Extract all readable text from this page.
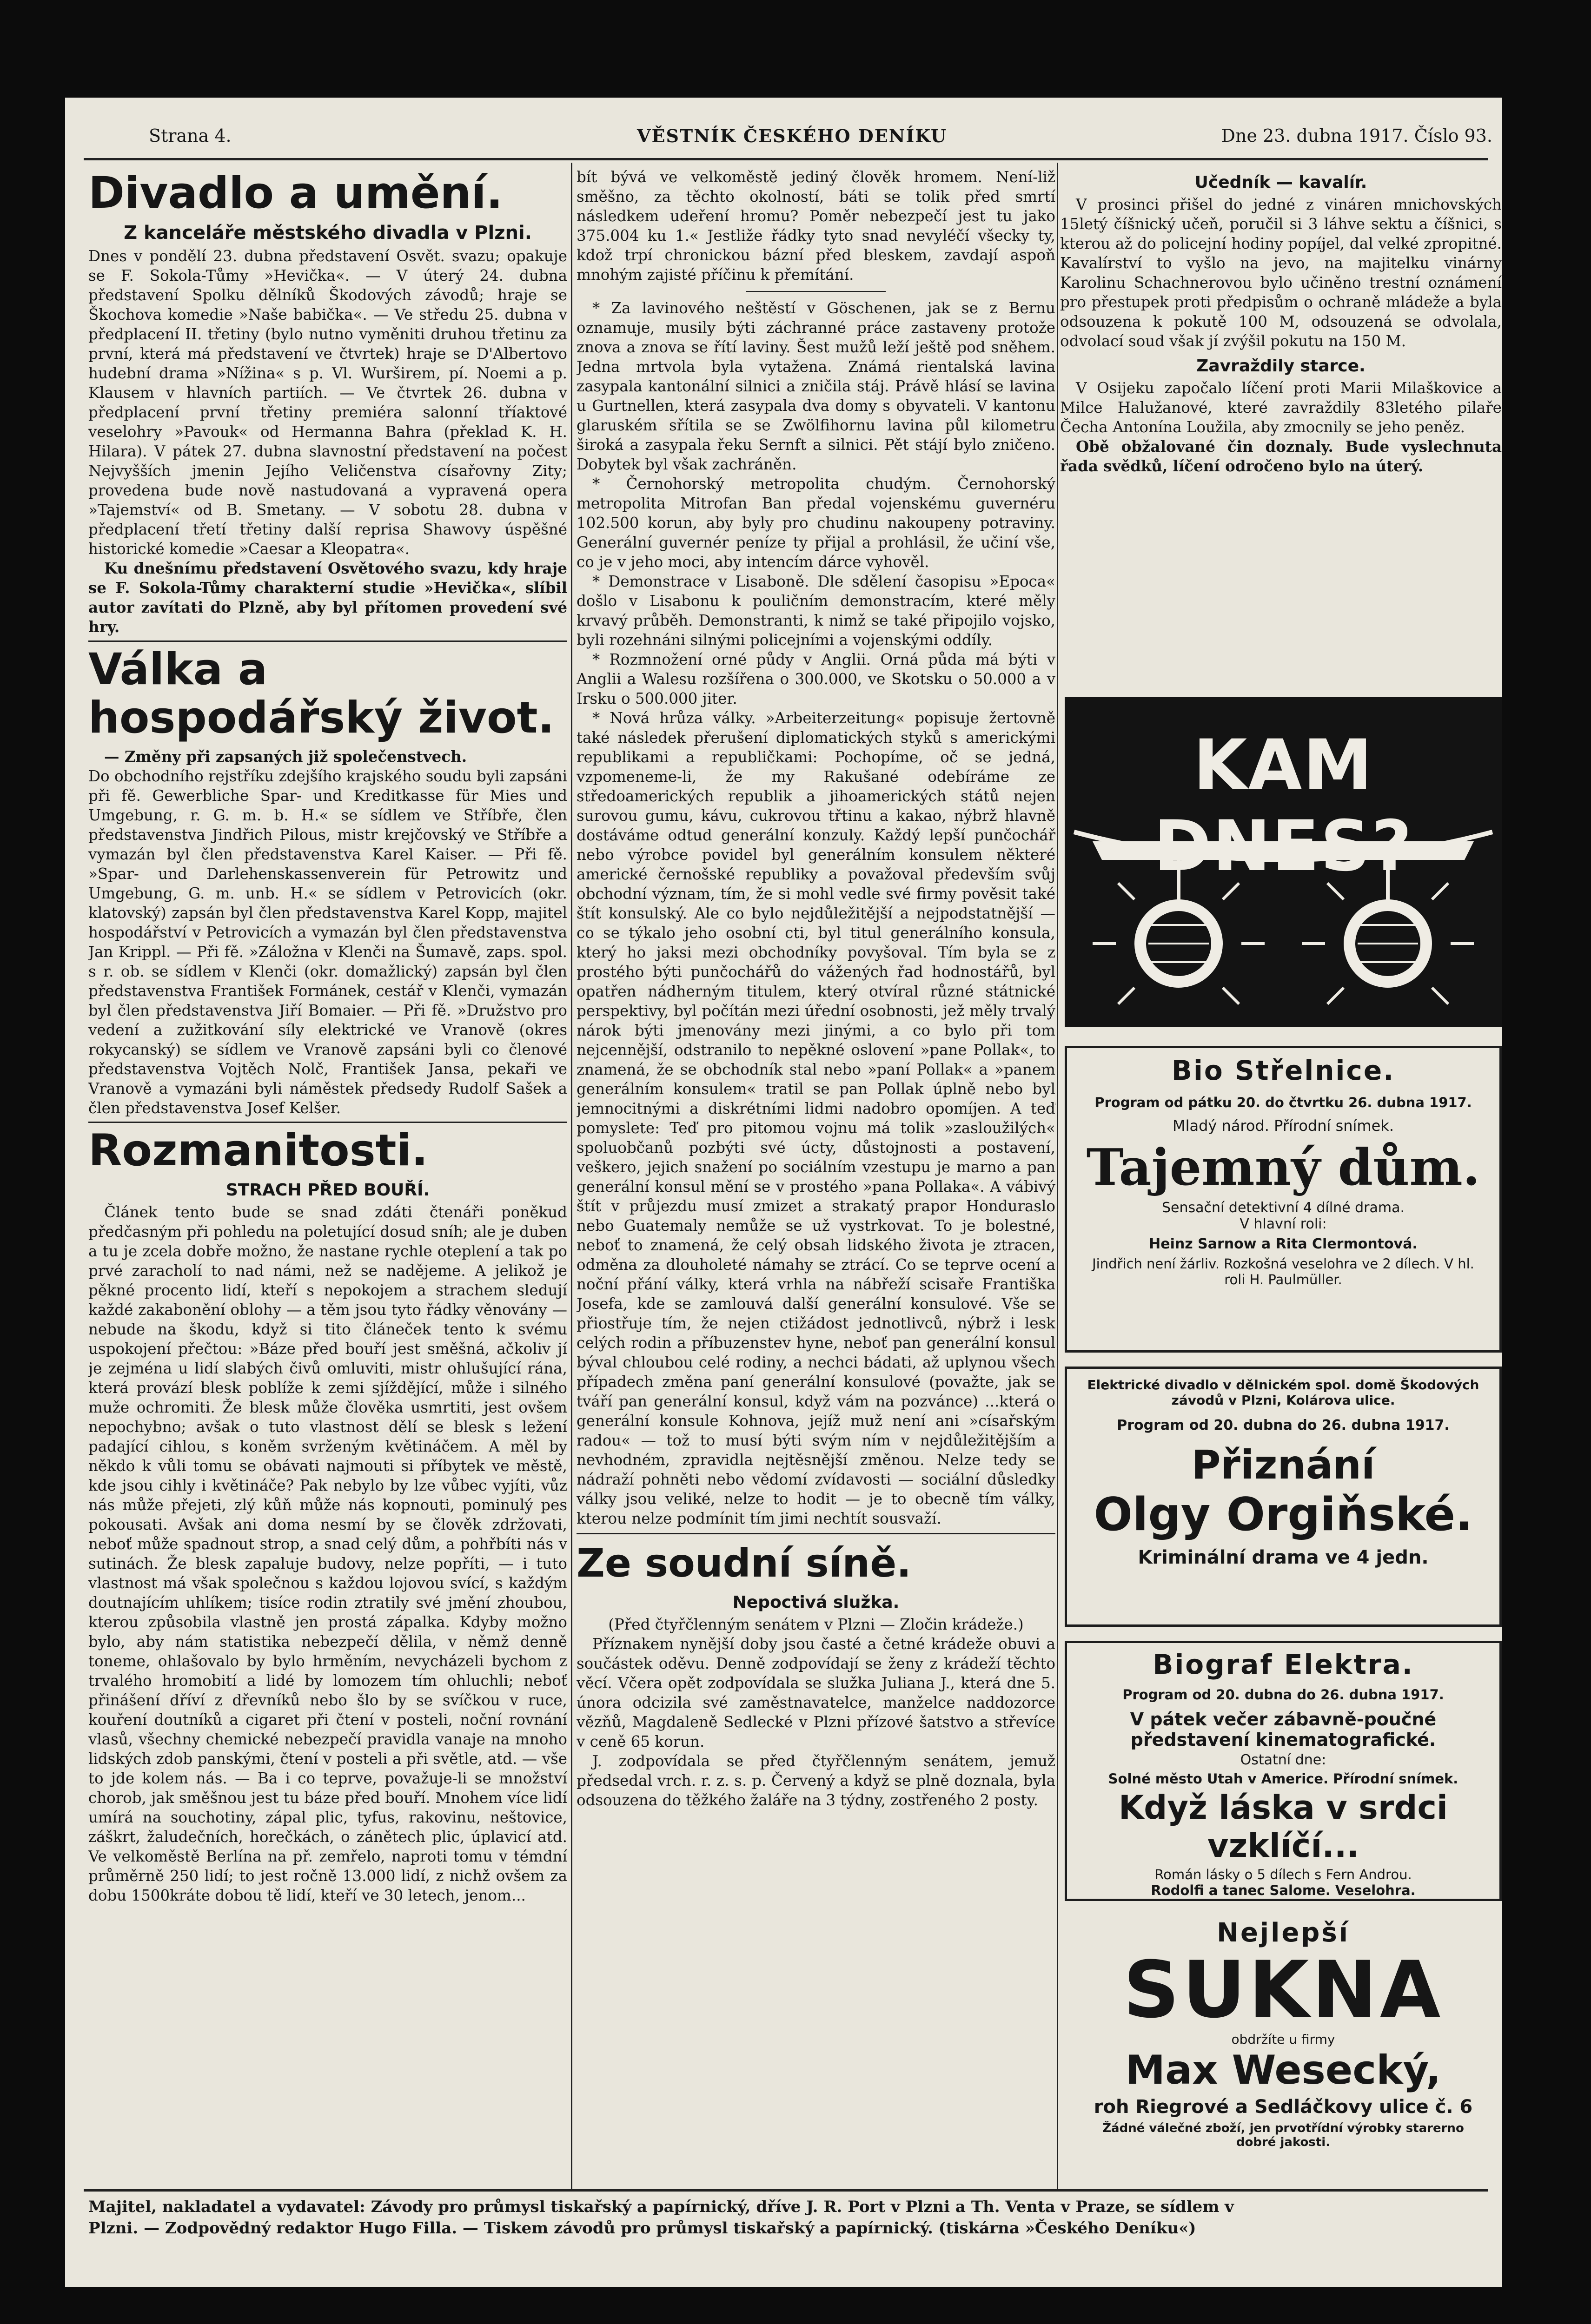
Strana 4.	VĚSTNÍK ČESKÉHO DENÍKU	Dne 23. dubna 1917. Číslo 93.
Divadlo a umění.
Z kanceláře městského divadla v Plzni.

Dnes v pondělí 23. dubna představení Osvět. svazu; opakuje se F. Sokola-Tůmy »Hevička«. — V úterý 24. dubna představení Spolku dělníků Škodových závodů; hraje se Škochova komedie »Naše babička«. — Ve středu 25. dubna v předplacení II. třetiny (bylo nutno vyměniti druhou třetinu za první, která má představení ve čtvrtek) hraje se D'Albertovo hudební drama »Nížina« s p. Vl. Wurširem, pí. Noemi a p. Klausem v hlavních partiích. — Ve čtvrtek 26. dubna v předplacení první třetiny premiéra salonní tříaktové veselohry »Pavouk« od Hermanna Bahra (překlad K. H. Hilara). V pátek 27. dubna slavnostní představení na počest Nejvyšších jmenin Jejího Veličenstva císařovny Zity; provedena bude nově nastudovaná a vypravená opera »Tajemství« od B. Smetany. — V sobotu 28. dubna v předplacení třetí třetiny další reprisa Shawovy úspěšné historické komedie »Caesar a Kleopatra«.

Ku dnešnímu představení Osvětového svazu, kdy hraje se F. Sokola-Tůmy charakterní studie »Hevička«, slíbil autor zavítati do Plzně, aby byl přítomen provedení své hry.

Válka a hospodářský život.

— Změny při zapsaných již společenstvech.

Do obchodního rejstříku zdejšího krajského soudu byli zapsáni při fě. Gewerbliche Spar- und Kreditkasse für Mies und Umgebung, r. G. m. b. H.« se sídlem ve Stříbře, člen představenstva Jindřich Pilous, mistr krejčovský ve Stříbře a vymazán byl člen představenstva Karel Kaiser. — Při fě. »Spar- und Darlehenskassenverein für Petrowitz und Umgebung, G. m. unb. H.« se sídlem v Petrovicích (okr. klatovský) zapsán byl člen představenstva Karel Kopp, majitel hospodářství v Petrovicích a vymazán byl člen představenstva Jan Krippl. — Při fě. »Záložna v Klenči na Šumavě, zaps. spol. s r. ob. se sídlem v Klenči (okr. domažlický) zapsán byl člen představenstva František Formánek, cestář v Klenči, vymazán byl člen představenstva Jiří Bomaier. — Při fě. »Družstvo pro vedení a zužitkování síly elektrické ve Vranově (okres rokycanský) se sídlem ve Vranově zapsáni byli co členové představenstva Vojtěch Nolč, František Jansa, pekaři ve Vranově a vymazáni byli náměstek předsedy Rudolf Sašek a člen představenstva Josef Kelšer.

Rozmanitosti.
STRACH PŘED BOUŘÍ.

Článek tento bude se snad zdáti čtenáři poněkud předčasným při pohledu na poletující dosud sníh; ale je duben a tu je zcela dobře možno, že nastane rychle oteplení a tak po prvé zaracholí to nad námi, než se nadějeme. A jelikož je pěkné procento lidí, kteří s nepokojem a strachem sledují každé zakabonění oblohy — a těm jsou tyto řádky věnovány — nebude na škodu, když si tito článeček tento k svému uspokojení přečtou: »Báze před bouří jest směšná, ačkoliv jí je zejména u lidí slabých čivů omluviti, mistr ohlušující rána, která provází blesk poblíže k zemi sjíždějící, může i silného muže ochromiti. Že blesk může člověka usmrtiti, jest ovšem nepochybno; avšak o tuto vlastnost dělí se blesk s ležení padající cihlou, s koněm svrženým květináčem. A měl by někdo k vůli tomu se obávati najmouti si příbytek ve městě, kde jsou cihly i květináče? Pak nebylo by lze vůbec vyjíti, vůz nás může přejeti, zlý kůň může nás kopnouti, pominulý pes pokousati. Avšak ani doma nesmí by se člověk zdržovati, neboť může spadnout strop, a snad celý dům, a pohřbíti nás v sutinách. Že blesk zapaluje budovy, nelze popříti, — i tuto vlastnost má však společnou s každou lojovou svící, s každým doutnajícím uhlíkem; tisíce rodin ztratily své jmění zhoubou, kterou způsobila vlastně jen prostá zápalka. Kdyby možno bylo, aby nám statistika nebezpečí dělila, v němž denně toneme, ohlašovalo by bylo hrměním, nevycházeli bychom z trvalého hromobití a lidé by lomozem tím ohluchli; neboť přinášení dříví z dřevníků nebo šlo by se svíčkou v ruce, kouření doutníků a cigaret při čtení v posteli, noční rovnání vlasů, všechny chemické nebezpečí pravidla vanaje na mnoho lidských zdob panskými, čtení v posteli a při světle, atd. — vše to jde kolem nás. — Ba i co teprve, považuje-li se množství chorob, jak směšnou jest tu báze před bouří. Mnohem více lidí umírá na souchotiny, zápal plic, tyfus, rakovinu, neštovice, záškrt, žaludečních, horečkách, o zánětech plic, úplavicí atd. Ve velkoměstě Berlína na př. zemřelo, naproti tomu v témdní průměrně 250 lidí; to jest ročně 13.000 lidí, z nichž ovšem za dobu 1500kráte dobou tě lidí, kteří ve 30 letech, jenom...

bít bývá ve velkoměstě jediný člověk hromem. Není-liž směšno, za těchto okolností, báti se tolik před smrtí následkem udeření hromu? Poměr nebezpečí jest tu jako 375.004 ku 1.« Jestliže řádky tyto snad nevyléčí všecky ty, kdož trpí chronickou bázní před bleskem, zavdají aspoň mnohým zajisté příčinu k přemítání.

* Za lavinového neštěstí v Göschenen, jak se z Bernu oznamuje, musily býti záchranné práce zastaveny protože znova a znova se řítí laviny. Šest mužů leží ještě pod sněhem. Jedna mrtvola byla vytažena. Známá rientalská lavina zasypala kantonální silnici a zničila stáj. Právě hlásí se lavina u Gurtnellen, která zasypala dva domy s obyvateli. V kantonu glaruském sřítila se se Zwölfihornu lavina půl kilometru široká a zasypala řeku Sernft a silnici. Pět stájí bylo zničeno. Dobytek byl však zachráněn.

* Černohorský metropolita chudým. Černohorský metropolita Mitrofan Ban předal vojenskému guvernéru 102.500 korun, aby byly pro chudinu nakoupeny potraviny. Generální guvernér peníze ty přijal a prohlásil, že učiní vše, co je v jeho moci, aby intencím dárce vyhověl.

* Demonstrace v Lisaboně. Dle sdělení časopisu »Epoca« došlo v Lisabonu k pouličním demonstracím, které měly krvavý průběh. Demonstranti, k nimž se také připojilo vojsko, byli rozehnáni silnými policejními a vojenskými oddíly.

* Rozmnožení orné půdy v Anglii. Orná půda má býti v Anglii a Walesu rozšířena o 300.000, ve Skotsku o 50.000 a v Irsku o 500.000 jiter.

* Nová hrůza války. »Arbeiterzeitung« popisuje žertovně také následek přerušení diplomatických styků s americkými republikami a republičkami: Pochopíme, oč se jedná, vzpomeneme-li, že my Rakušané odebíráme ze středoamerických republik a jihoamerických států nejen surovou gumu, kávu, cukrovou třtinu a kakao, nýbrž hlavně dostáváme odtud generální konzuly. Každý lepší punčochář nebo výrobce povidel byl generálním konsulem některé americké černošské republiky a považoval především svůj obchodní význam, tím, že si mohl vedle své firmy pověsit také štít konsulský. Ale co bylo nejdůležitější a nejpodstatnější — co se týkalo jeho osobní cti, byl titul generálního konsula, který ho jaksi mezi obchodníky povyšoval. Tím byla se z prostého býti punčochářů do vážených řad hodnostářů, byl opatřen nádherným titulem, který otvíral různé státnické perspektivy, byl počítán mezi úřední osobnosti, jež měly trvalý nárok býti jmenovány mezi jinými, a co bylo při tom nejcennější, odstranilo to nepěkné oslovení »pane Pollak«, to znamená, že se obchodník stal nebo »paní Pollak« a »panem generálním konsulem« tratil se pan Pollak úplně nebo byl jemnocitnými a diskrétními lidmi nadobro opomíjen. A teď pomyslete: Teď pro pitomou vojnu má tolik »zasloužilých« spoluobčanů pozbýti své úcty, důstojnosti a postavení, veškero, jejich snažení po sociálním vzestupu je marno a pan generální konsul mění se v prostého »pana Pollaka«. A vábivý štít v průjezdu musí zmizet a strakatý prapor Honduraslo nebo Guatemaly nemůže se už vystrkovat. To je bolestné, neboť to znamená, že celý obsah lidského života je ztracen, odměna za dlouholeté námahy se ztrácí. Co se teprve ocení a noční přání války, která vrhla na nábřeží scisaře Františka Josefa, kde se zamlouvá další generální konsulové. Vše se přiostřuje tím, že nejen ctižádost jednotlivců, nýbrž i lesk celých rodin a příbuzenstev hyne, neboť pan generální konsul býval chloubou celé rodiny, a nechci bádati, až uplynou všech případech změna paní generální konsulové (považte, jak se tváří pan generální konsul, když vám na pozvánce) ...která o generální konsule Kohnova, jejíž muž není ani »císařským radou« — tož to musí býti svým ním v nejdůležitějším a nevhodném, zpravidla nejtěsnější změnou. Nelze tedy se nádraží pohněti nebo vědomí zvídavosti — sociální důsledky války jsou veliké, nelze to hodit — je to obecně tím války, kterou nelze podmínit tím jimi nechtít sousvaží.

Ze soudní síně.
Nepoctivá služka.

(Před čtyřčlenným senátem v Plzni — Zločin krádeže.)

Příznakem nynější doby jsou časté a četné krádeže obuvi a součástek oděvu. Denně zodpovídají se ženy z krádeží těchto věcí. Včera opět zodpovídala se služka Juliana J., která dne 5. února odcizila své zaměstnavatelce, manželce naddozorce vězňů, Magdaleně Sedlecké v Plzni přízové šatstvo a střevíce v ceně 65 korun.

J. zodpovídala se před čtyřčlenným senátem, jemuž předsedal vrch. r. z. s. p. Červený a když se plně doznala, byla odsouzena do těžkého žaláře na 3 týdny, zostřeného 2 posty.

Učedník — kavalír.

V prosinci přišel do jedné z vináren mnichovských 15letý číšnický učeň, poručil si 3 láhve sektu a číšnici, s kterou až do policejní hodiny popíjel, dal velké zpropitné. Kavalírství to vyšlo na jevo, na majitelku vinárny Karolinu Schachnerovou bylo učiněno trestní oznámení pro přestupek proti předpisům o ochraně mládeže a byla odsouzena k pokutě 100 M, odsouzená se odvolala, odvolací soud však jí zvýšil pokutu na 150 M.

Zavraždily starce.

V Osijeku započalo líčení proti Marii Milaškovice a Milce Halužanové, které zavraždily 83letého pilaře Čecha Antonína Loužila, aby zmocnily se jeho peněz.

Obě obžalované čin doznaly. Bude vyslechnuta řada svědků, líčení odročeno bylo na úterý.

KAM
Bio Střelnice.
Program od pátku 20. do čtvrtku 26. dubna 1917.
Mladý národ. Přírodní snímek.
Tajemný dům.
Sensační detektivní 4 dílné drama.
V hlavní roli:
Heinz Sarnow a Rita Clermontová.
Jindřich není žárliv. Rozkošná veselohra ve 2 dílech. V hl. roli H. Paulmüller.
Elektrické divadlo v dělnickém spol. domě Škodových závodů v Plzni, Kolárova ulice.
Program od 20. dubna do 26. dubna 1917.
Přiznání
Olgy Orgiňské.
Kriminální drama ve 4 jedn.
Biograf Elektra.
Program od 20. dubna do 26. dubna 1917.
V pátek večer zábavně-poučné představení kinematografické.
Ostatní dne:
Solné město Utah v Americe. Přírodní snímek.
Když láska v srdci vzklíčí...
Román lásky o 5 dílech s Fern Androu.
Rodolfi a tanec Salome. Veselohra.
Nejlepší
SUKNA
obdržíte u firmy
Max Wesecký,
roh Riegrové a Sedláčkovy ulice č. 6
Žádné válečné zboží, jen prvotřídní výrobky starerno dobré jakosti.
Majitel, nakladatel a vydavatel: Závody pro průmysl tiskařský a papírnický, dříve J. R. Port v Plzni a Th. Venta v Praze, se sídlem v
Plzni. — Zodpovědný redaktor Hugo Filla. — Tiskem závodů pro průmysl tiskařský a papírnický. (tiskárna »Českého Deníku«)
